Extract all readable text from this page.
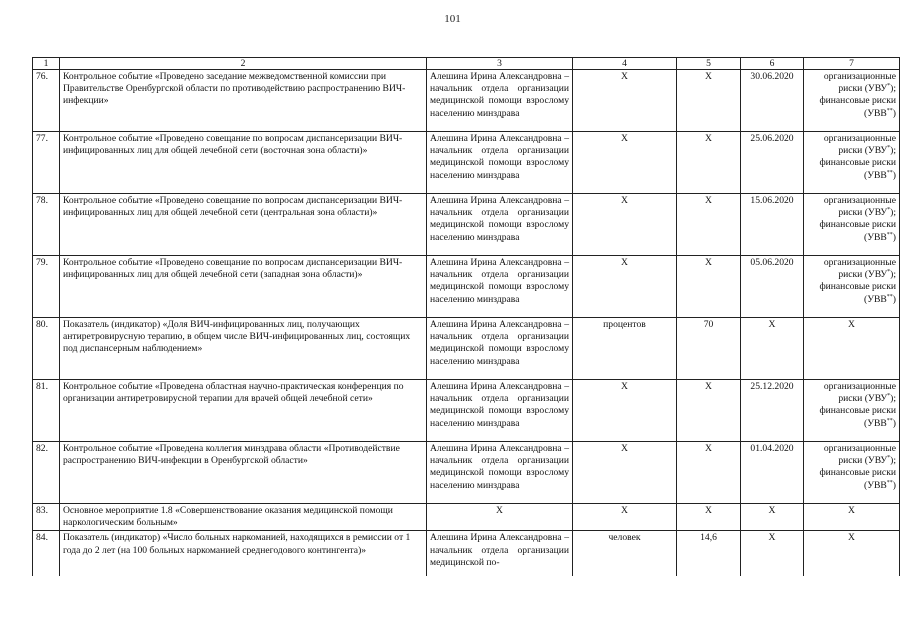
101
1	2	3	4	5	6	7
76.	Контрольное событие «Проведено заседание межведомственной комиссии при Правительстве Оренбургской области по противодействию распространению ВИЧ-инфекции»	Алешина Ирина Александровна – начальник отдела организации медицинской помощи взрослому населению минздрава	Х	Х	30.06.2020	организационные
риски (УВУ*);
финансовые риски
(УВВ**)

77.	Контрольное событие «Проведено совещание по вопросам диспансеризации ВИЧ-инфицированных лиц для общей лечебной сети (восточная зона области)»	Алешина Ирина Александровна – начальник отдела организации медицинской помощи взрослому населению минздрава	Х	Х	25.06.2020	организационные
риски (УВУ*);
финансовые риски
(УВВ**)

78.	Контрольное событие «Проведено совещание по вопросам диспансеризации ВИЧ-инфицированных лиц для общей лечебной сети (центральная зона области)»	Алешина Ирина Александровна – начальник отдела организации медицинской помощи взрослому населению минздрава	Х	Х	15.06.2020	организационные
риски (УВУ*);
финансовые риски
(УВВ**)

79.	Контрольное событие «Проведено совещание по вопросам диспансеризации ВИЧ-инфицированных лиц для общей лечебной сети (западная зона области)»	Алешина Ирина Александровна – начальник отдела организации медицинской помощи взрослому населению минздрава	Х	Х	05.06.2020	организационные
риски (УВУ*);
финансовые риски
(УВВ**)

80.	Показатель (индикатор) «Доля ВИЧ-инфицированных лиц, получающих антиретровирусную терапию, в общем числе ВИЧ-инфицированных лиц, состоящих под диспансерным наблюдением»	Алешина Ирина Александровна – начальник отдела организации медицинской помощи взрослому населению минздрава	процентов	70	Х	Х
81.	Контрольное событие «Проведена областная научно-практическая конференция по организации антиретровирусной терапии для врачей общей лечебной сети»	Алешина Ирина Александровна – начальник отдела организации медицинской помощи взрослому населению минздрава	Х	Х	25.12.2020	организационные
риски (УВУ*);
финансовые риски
(УВВ**)

82.	Контрольное событие «Проведена коллегия минздрава области «Противодействие распространению ВИЧ-инфекции в Оренбургской области»	Алешина Ирина Александровна – начальник отдела организации медицинской помощи взрослому населению минздрава	Х	Х	01.04.2020	организационные
риски (УВУ*);
финансовые риски
(УВВ**)

83.	Основное мероприятие 1.8 «Совершенствование оказания медицинской помощи наркологическим больным»	Х	Х	Х	Х	Х
84.	Показатель (индикатор) «Число больных наркоманией, находящихся в ремиссии от 1 года до 2 лет (на 100 больных наркоманией среднегодового контингента)»	Алешина Ирина Александровна – начальник отдела организации медицинской по-	человек	14,6	Х	Х
